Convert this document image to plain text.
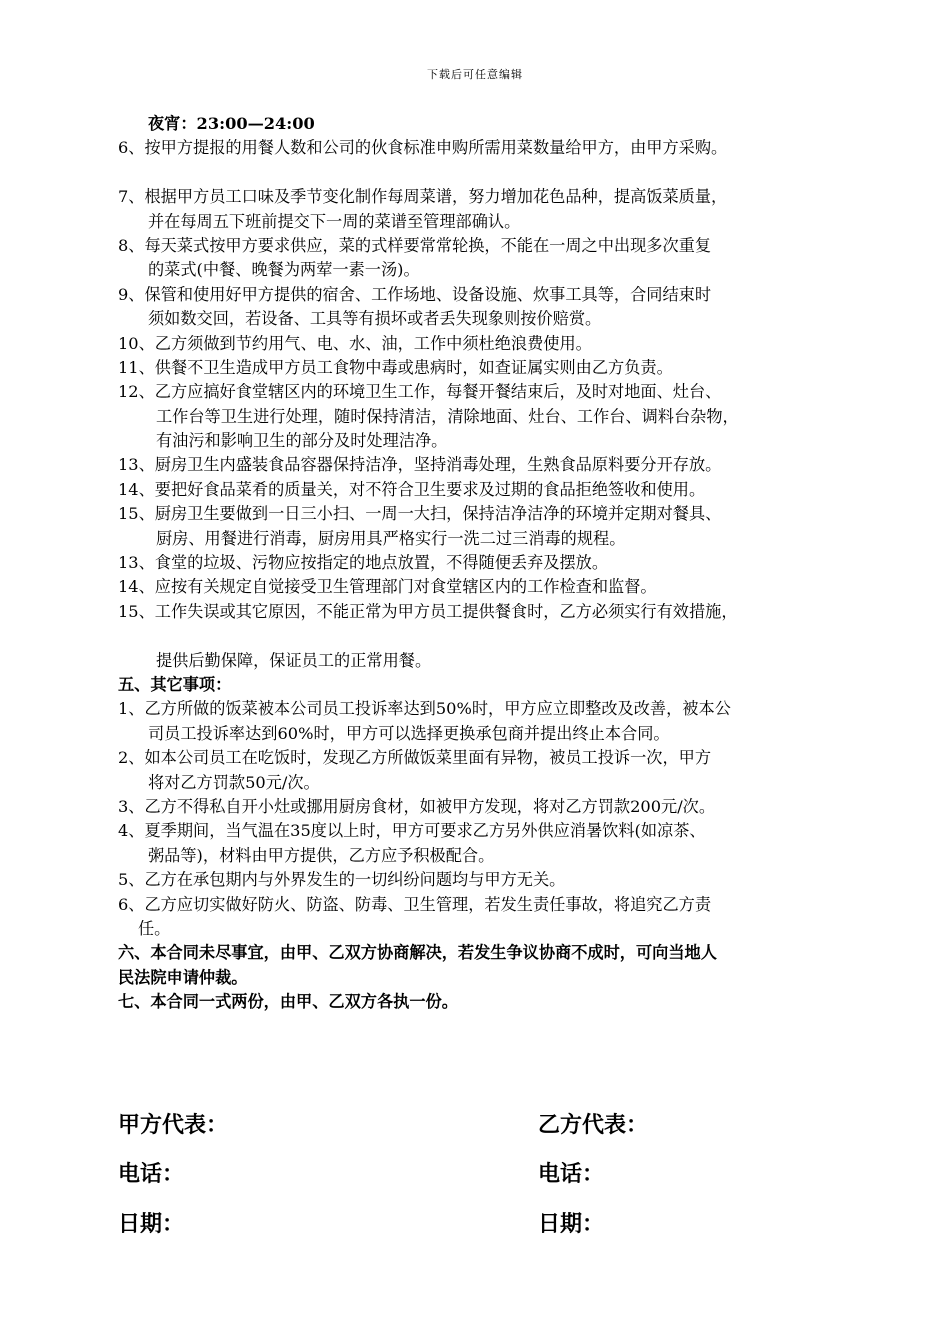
下载后可任意编辑
夜宵：23:00—24:00
6、按甲方提报的用餐人数和公司的伙食标准申购所需用菜数量给甲方，由甲方采购。
7、根据甲方员工口味及季节变化制作每周菜谱，努力增加花色品种，提高饭菜质量，
并在每周五下班前提交下一周的菜谱至管理部确认。
8、每天菜式按甲方要求供应，菜的式样要常常轮换，不能在一周之中出现多次重复
的菜式(中餐、晚餐为两荤一素一汤)。
9、保管和使用好甲方提供的宿舍、工作场地、设备设施、炊事工具等，合同结束时
须如数交回，若设备、工具等有损坏或者丢失现象则按价赔赏。
10、乙方须做到节约用气、电、水、油，工作中须杜绝浪费使用。
11、供餐不卫生造成甲方员工食物中毒或患病时，如查证属实则由乙方负责。
12、乙方应搞好食堂辖区内的环境卫生工作，每餐开餐结束后，及时对地面、灶台、
工作台等卫生进行处理，随时保持清洁，清除地面、灶台、工作台、调料台杂物，
有油污和影响卫生的部分及时处理洁净。
13、厨房卫生内盛装食品容器保持洁净，坚持消毒处理，生熟食品原料要分开存放。
14、要把好食品菜肴的质量关，对不符合卫生要求及过期的食品拒绝签收和使用。
15、厨房卫生要做到一日三小扫、一周一大扫，保持洁净洁净的环境并定期对餐具、
厨房、用餐进行消毒，厨房用具严格实行一洗二过三消毒的规程。
13、食堂的垃圾、污物应按指定的地点放置，不得随便丢弃及摆放。
14、应按有关规定自觉接受卫生管理部门对食堂辖区内的工作检查和监督。
15、工作失误或其它原因，不能正常为甲方员工提供餐食时，乙方必须实行有效措施，
提供后勤保障，保证员工的正常用餐。
五、其它事项：
1、乙方所做的饭菜被本公司员工投诉率达到50%时，甲方应立即整改及改善，被本公
司员工投诉率达到60%时，甲方可以选择更换承包商并提出终止本合同。
2、如本公司员工在吃饭时，发现乙方所做饭菜里面有异物，被员工投诉一次，甲方
将对乙方罚款50元/次。
3、乙方不得私自开小灶或挪用厨房食材，如被甲方发现，将对乙方罚款200元/次。
4、夏季期间，当气温在35度以上时，甲方可要求乙方另外供应消暑饮料(如凉茶、
粥品等)，材料由甲方提供，乙方应予积极配合。
5、乙方在承包期内与外界发生的一切纠纷问题均与甲方无关。
6、乙方应切实做好防火、防盗、防毒、卫生管理，若发生责任事故，将追究乙方责
任。
六、本合同未尽事宜，由甲、乙双方协商解决，若发生争议协商不成时，可向当地人
民法院申请仲裁。
七、本合同一式两份，由甲、乙双方各执一份。
甲方代表：	乙方代表：
电话：	电话：
日期：	日期：
